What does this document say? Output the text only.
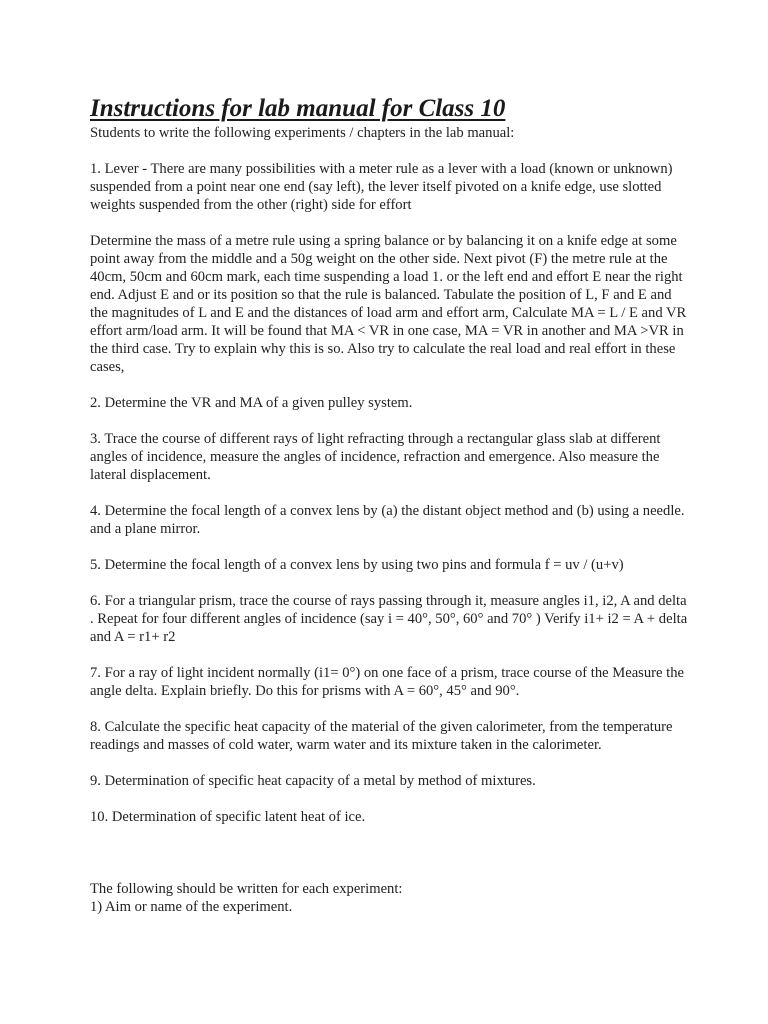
Instructions for lab manual for Class 10

Students to write the following experiments / chapters in the lab manual:

1. Lever - There are many possibilities with a meter rule as a lever with a load (known or unknown) suspended from a point near one end (say left), the lever itself pivoted on a knife edge, use slotted weights suspended from the other (right) side for effort

Determine the mass of a metre rule using a spring balance or by balancing it on a knife edge at some point away from the middle and a 50g weight on the other side. Next pivot (F) the metre rule at the 40cm, 50cm and 60cm mark, each time suspending a load 1. or the left end and effort E near the right end. Adjust E and or its position so that the rule is balanced. Tabulate the position of L, F and E and the magnitudes of L and E and the distances of load arm and effort arm, Calculate MA = L / E and VR effort arm/load arm. It will be found that MA < VR in one case, MA = VR in another and MA >VR in the third case. Try to explain why this is so. Also try to calculate the real load and real effort in these cases,

2. Determine the VR and MA of a given pulley system.

3. Trace the course of different rays of light refracting through a rectangular glass slab at different angles of incidence, measure the angles of incidence, refraction and emergence. Also measure the lateral displacement.

4. Determine the focal length of a convex lens by (a) the distant object method and (b) using a needle. and a plane mirror.

5. Determine the focal length of a convex lens by using two pins and formula f = uv / (u+v)

6. For a triangular prism, trace the course of rays passing through it, measure angles i1, i2, A and delta . Repeat for four different angles of incidence (say i = 40°, 50°, 60° and 70° ) Verify i1+ i2 = A + delta and A = r1+ r2

7. For a ray of light incident normally (i1= 0°) on one face of a prism, trace course of the Measure the angle delta. Explain briefly. Do this for prisms with A = 60°, 45° and 90°.

8. Calculate the specific heat capacity of the material of the given calorimeter, from the temperature readings and masses of cold water, warm water and its mixture taken in the calorimeter.

9. Determination of specific heat capacity of a metal by method of mixtures.

10. Determination of specific latent heat of ice.

The following should be written for each experiment:

1) Aim or name of the experiment.
